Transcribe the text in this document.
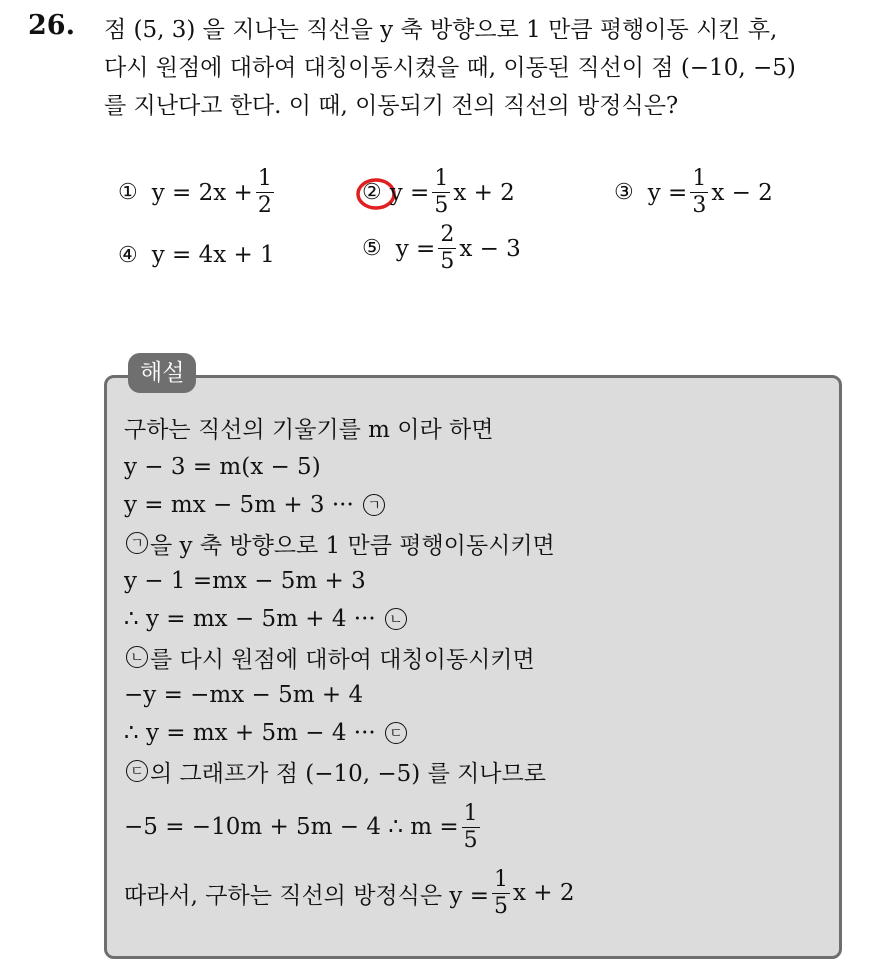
26. 점 (5, 3) 을 지나는 직선을 y 축 방향으로 1 만큼 평행이동 시킨 후,
다시 원점에 대하여 대칭이동시켰을 때, 이동된 직선이 점 (−10, −5)
를 지난다고 한다. 이 때, 이동되기 전의 직선의 방정식은?
① $y = 2x + \frac{1}{2}$	② $y = \frac{1}{5}$ x + 2	③ $y = \frac{1}{3}$ x − 2
④ y = 4x + 1	⑤ $y = \frac{2}{5}$ x − 3
해설
구하는 직선의 기울기를 m 이라 하면
y − 3 = m(x − 5)
y = mx − 5m + 3 ···
ㄱ
ㄱ 을 y 축 방향으로 1 만큼 평행이동시키면
y − 1 =mx − 5m + 3
∴ y = mx − 5m + 4 ···
ㄴ
ㄴ 를 다시 원점에 대하여 대칭이동시키면
−y = −mx − 5m + 4
∴ y = mx + 5m − 4 ···
ㄷ
ㄷ 의 그래프가 점 (−10, −5) 를 지나므로
−5 = −10m + 5m − 4 ∴ $m = \frac{1}{5}$
따라서, 구하는 직선의 방정식은 $y = \frac{1}{5}$ x + 2
